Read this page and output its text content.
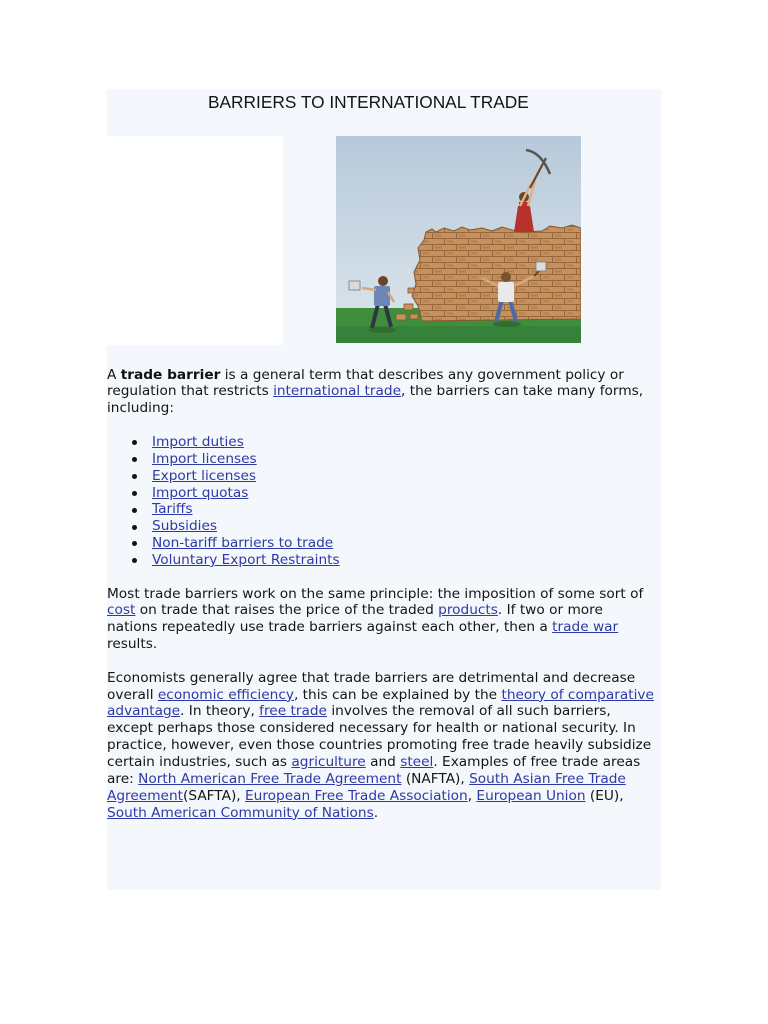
BARRIERS TO INTERNATIONAL TRADE
A trade barrier is a general term that describes any government policy or
regulation that restricts international trade, the barriers can take many forms,
including:
Import duties
Import licenses
Export licenses
Import quotas
Tariffs
Subsidies
Non-tariff barriers to trade
Voluntary Export Restraints
Most trade barriers work on the same principle: the imposition of some sort of
cost on trade that raises the price of the traded products. If two or more
nations repeatedly use trade barriers against each other, then a trade war
results.
Economists generally agree that trade barriers are detrimental and decrease
overall economic efficiency, this can be explained by the theory of comparative
advantage. In theory, free trade involves the removal of all such barriers,
except perhaps those considered necessary for health or national security. In
practice, however, even those countries promoting free trade heavily subsidize
certain industries, such as agriculture and steel. Examples of free trade areas
are: North American Free Trade Agreement (NAFTA), South Asian Free Trade
Agreement(SAFTA), European Free Trade Association, European Union (EU),
South American Community of Nations.
